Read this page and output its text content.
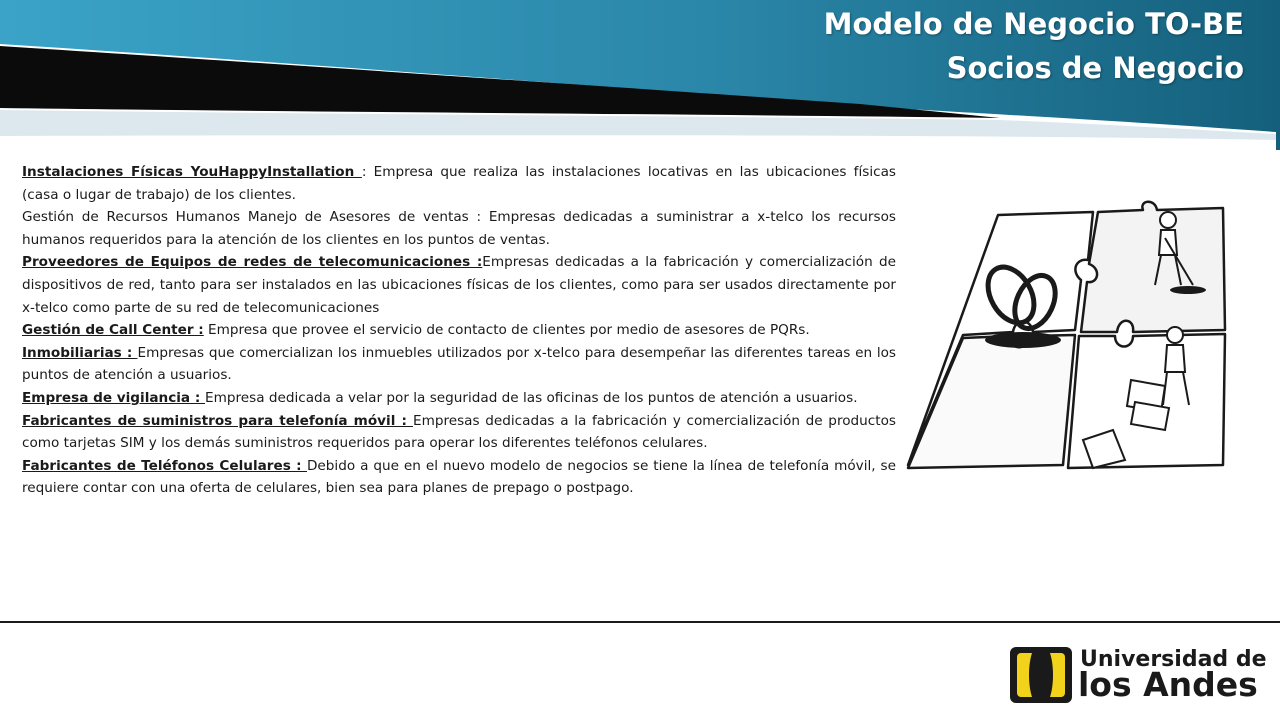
Modelo de Negocio TO-BE
Socios de Negocio

Instalaciones Físicas YouHappyInstallation : Empresa que realiza las instalaciones locativas en las ubicaciones físicas (casa o lugar de trabajo) de los clientes.

Gestión de Recursos Humanos Manejo de Asesores de ventas : Empresas dedicadas a suministrar a x-telco los recursos humanos requeridos para la atención de los clientes en los puntos de ventas.

Proveedores de Equipos de redes de telecomunicaciones :Empresas dedicadas a la fabricación y comercialización de dispositivos de red, tanto para ser instalados en las ubicaciones físicas de los clientes, como para ser usados directamente por x-telco como parte de su red de telecomunicaciones

Gestión de Call Center : Empresa que provee el servicio de contacto de clientes por medio de asesores de PQRs.

Inmobiliarias : Empresas que comercializan los inmuebles utilizados por x-telco para desempeñar las diferentes tareas en los puntos de atención a usuarios.

Empresa de vigilancia : Empresa dedicada a velar por la seguridad de las oficinas de los puntos de atención a usuarios.

Fabricantes de suministros para telefonía móvil : Empresas dedicadas a la fabricación y comercialización de productos como tarjetas SIM y los demás suministros requeridos para operar los diferentes teléfonos celulares.

Fabricantes de Teléfonos Celulares : Debido a que en el nuevo modelo de negocios se tiene la línea de telefonía móvil, se requiere contar con una oferta de celulares, bien sea para planes de prepago o postpago.

Universidad de
los Andes
